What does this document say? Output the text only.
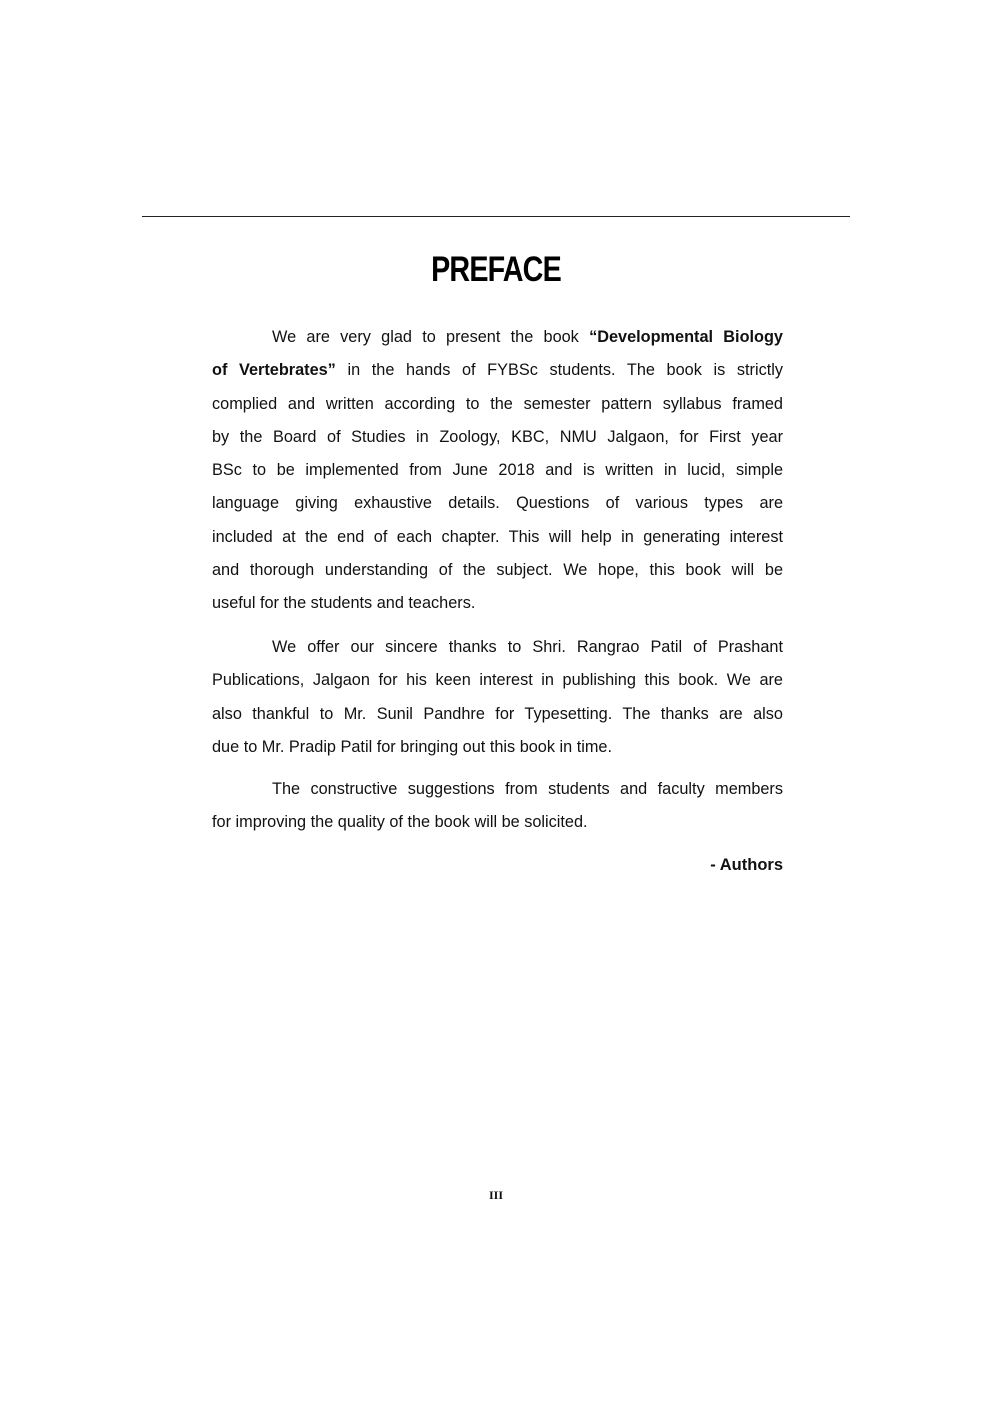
PREFACE
We are very glad to present the book “Developmental Biology
of Vertebrates” in the hands of FYBSc students. The book is strictly
complied and written according to the semester pattern syllabus framed
by the Board of Studies in Zoology, KBC, NMU Jalgaon, for First year
BSc to be implemented from June 2018 and is written in lucid, simple
language giving exhaustive details. Questions of various types are
included at the end of each chapter. This will help in generating interest
and thorough understanding of the subject. We hope, this book will be
useful for the students and teachers.
We offer our sincere thanks to Shri. Rangrao Patil of Prashant
Publications, Jalgaon for his keen interest in publishing this book. We are
also thankful to Mr. Sunil Pandhre for Typesetting. The thanks are also
due to Mr. Pradip Patil for bringing out this book in time.
The constructive suggestions from students and faculty members
for improving the quality of the book will be solicited.
- Authors
III
